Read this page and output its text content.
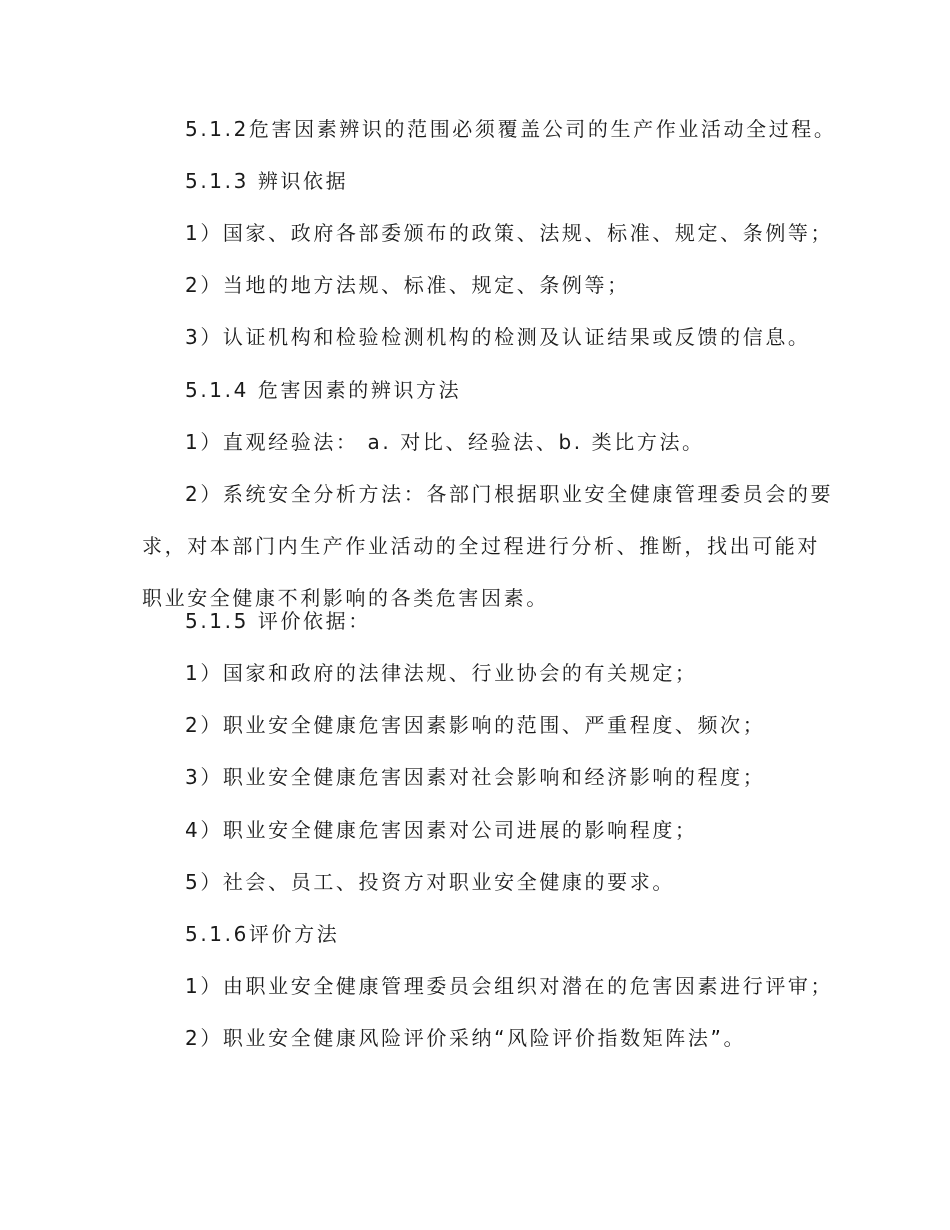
5.1.2危害因素辨识的范围必须覆盖公司的生产作业活动全过程。
5.1.3 辨识依据
1）国家、政府各部委颁布的政策、法规、标准、规定、条例等；
2）当地的地方法规、标准、规定、条例等；
3）认证机构和检验检测机构的检测及认证结果或反馈的信息。
5.1.4 危害因素的辨识方法
1）直观经验法： a. 对比、经验法、b. 类比方法。
2）系统安全分析方法：各部门根据职业安全健康管理委员会的要
求，对本部门内生产作业活动的全过程进行分析、推断，找出可能对
职业安全健康不利影响的各类危害因素。
5.1.5 评价依据：
1）国家和政府的法律法规、行业协会的有关规定；
2）职业安全健康危害因素影响的范围、严重程度、频次；
3）职业安全健康危害因素对社会影响和经济影响的程度；
4）职业安全健康危害因素对公司进展的影响程度；
5）社会、员工、投资方对职业安全健康的要求。
5.1.6评价方法
1）由职业安全健康管理委员会组织对潜在的危害因素进行评审；
2）职业安全健康风险评价采纳“风险评价指数矩阵法”。
